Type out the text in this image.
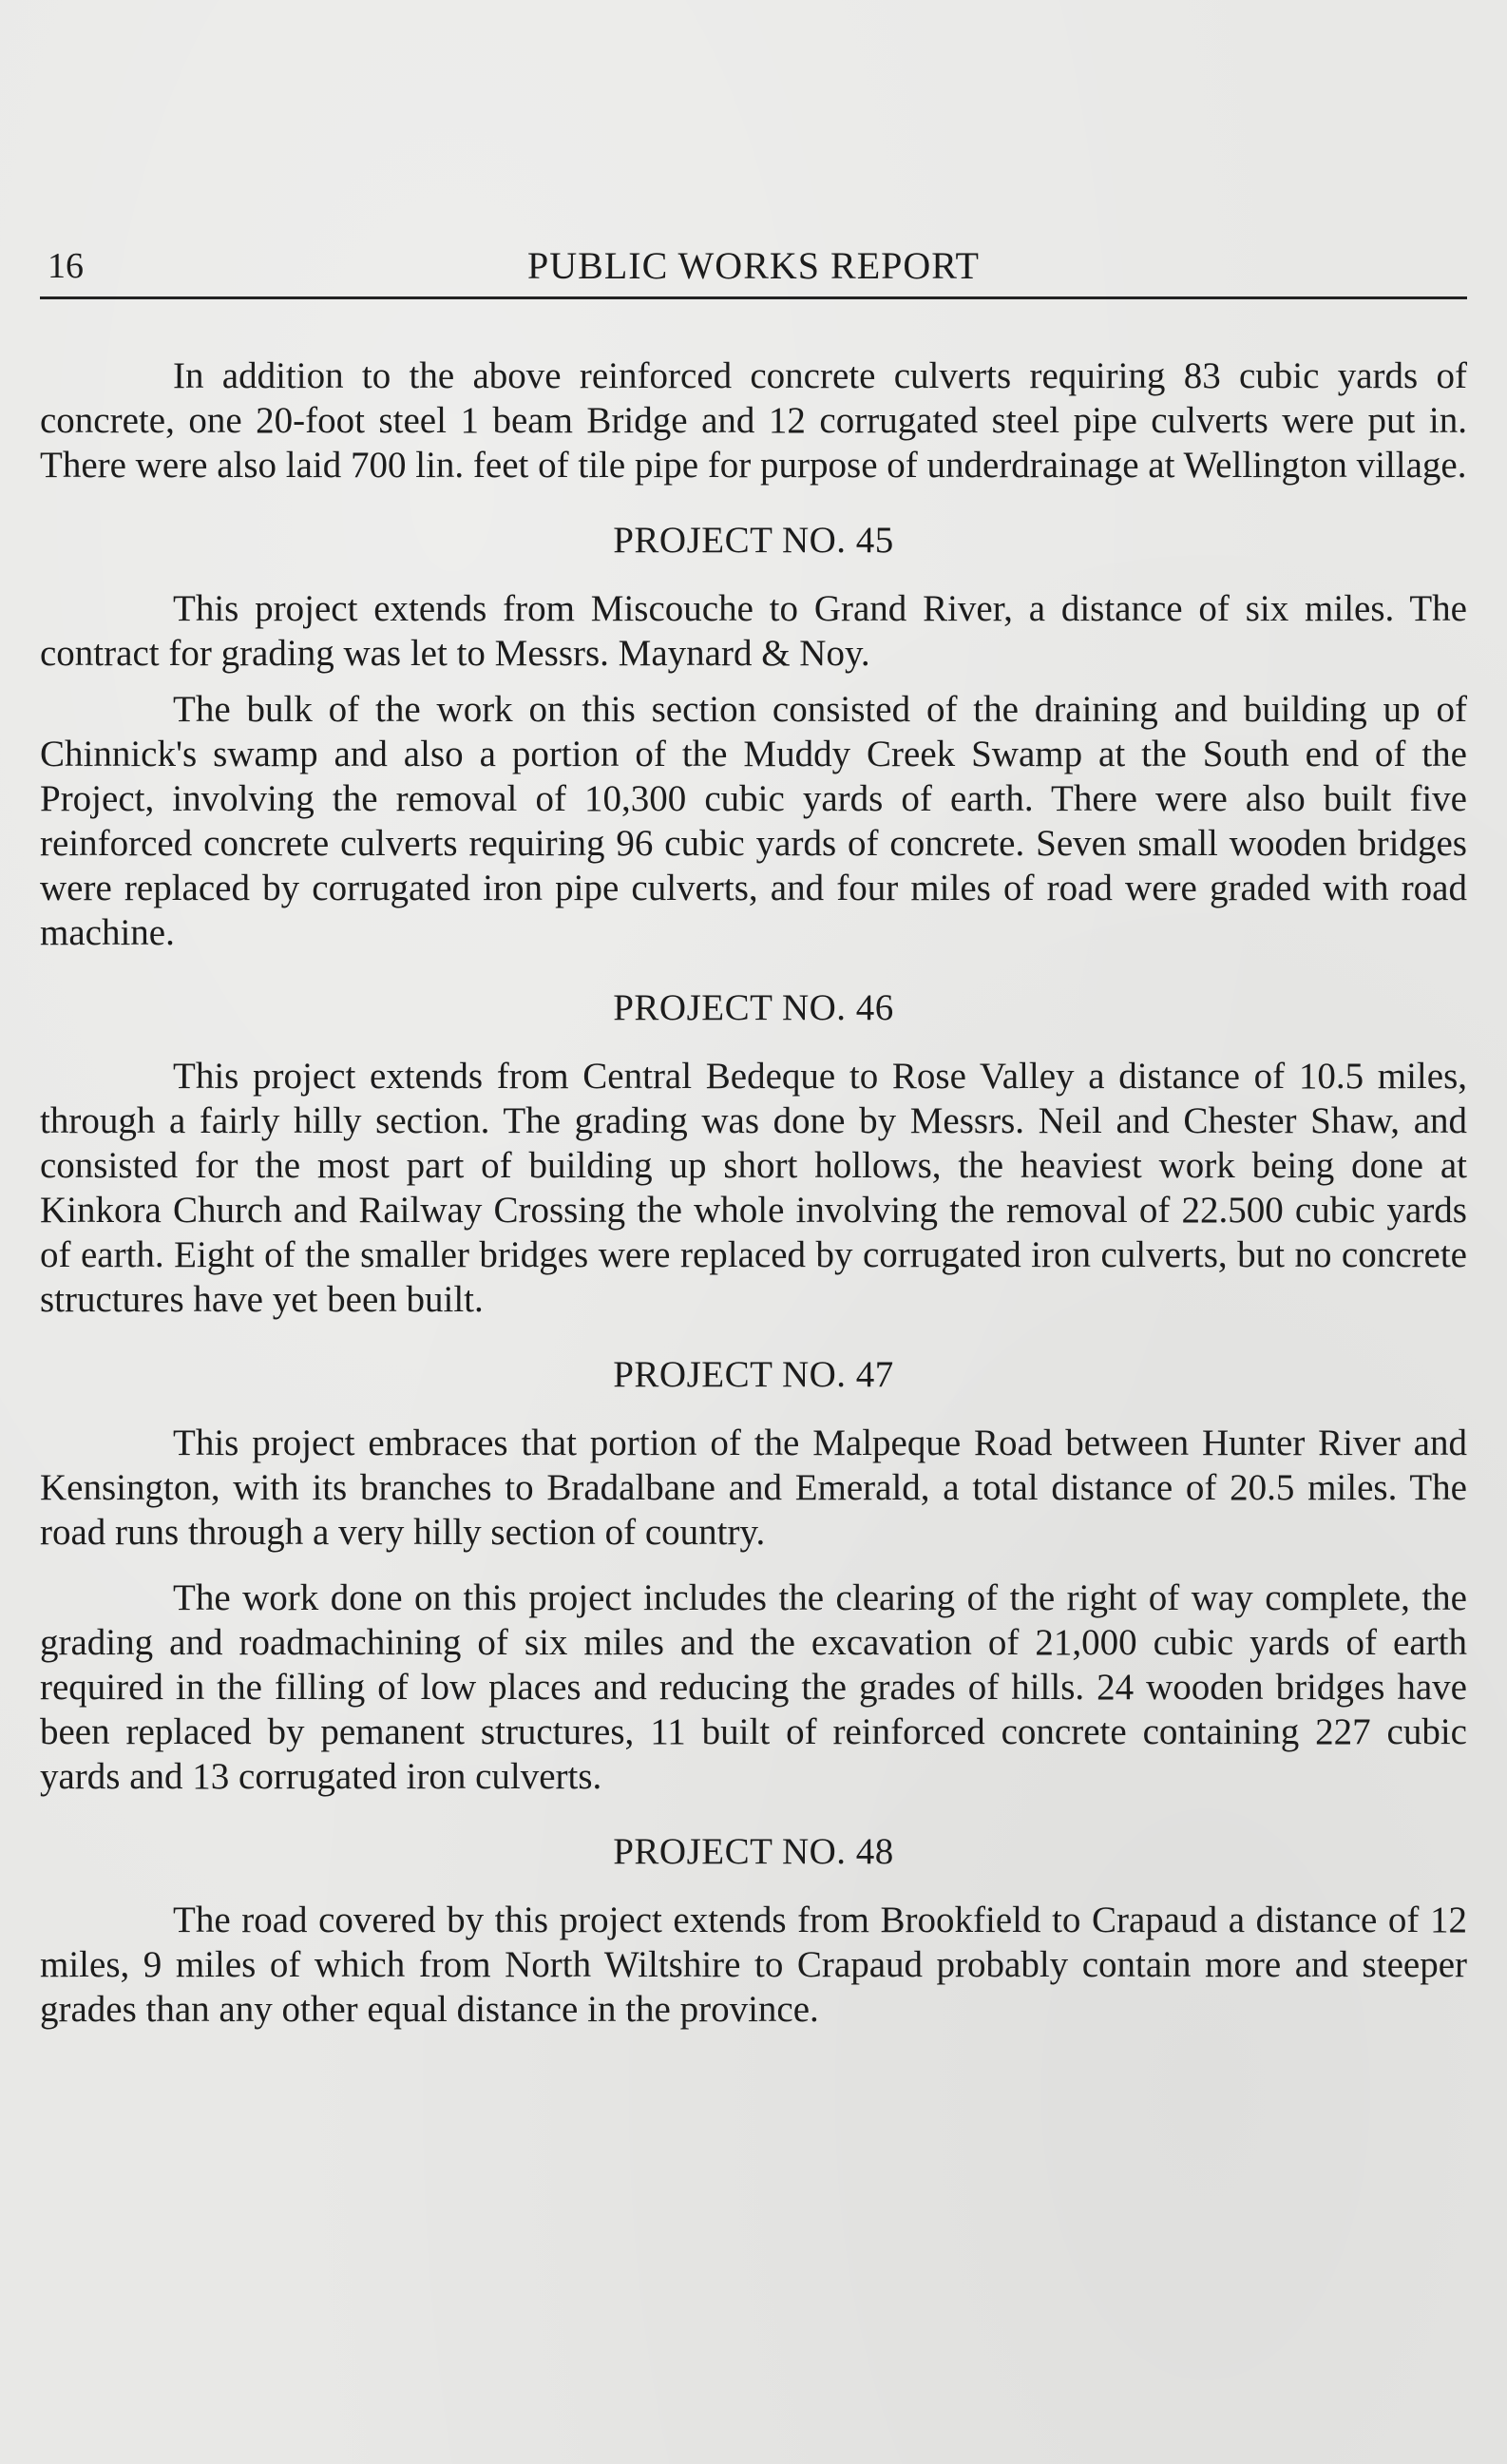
16	PUBLIC WORKS REPORT

In addition to the above reinforced concrete culverts requiring 83 cubic yards of concrete, one 20-foot steel 1 beam Bridge and 12 corrugated steel pipe culverts were put in. There were also laid 700 lin. feet of tile pipe for purpose of underdrainage at Wellington village.

PROJECT NO. 45

This project extends from Miscouche to Grand River, a distance of six miles. The contract for grading was let to Messrs. Maynard & Noy.

The bulk of the work on this section consisted of the draining and building up of Chinnick's swamp and also a portion of the Muddy Creek Swamp at the South end of the Project, involving the removal of 10,300 cubic yards of earth. There were also built five reinforced concrete culverts requiring 96 cubic yards of concrete. Seven small wooden bridges were replaced by corrugated iron pipe culverts, and four miles of road were graded with road machine.

PROJECT NO. 46

This project extends from Central Bedeque to Rose Valley a distance of 10.5 miles, through a fairly hilly section. The grading was done by Messrs. Neil and Chester Shaw, and consisted for the most part of building up short hollows, the heaviest work being done at Kinkora Church and Railway Crossing the whole involving the removal of 22.500 cubic yards of earth. Eight of the smaller bridges were replaced by corrugated iron culverts, but no concrete structures have yet been built.

PROJECT NO. 47

This project embraces that portion of the Malpeque Road between Hunter River and Kensington, with its branches to Bradalbane and Emerald, a total distance of 20.5 miles. The road runs through a very hilly section of country.

The work done on this project includes the clearing of the right of way complete, the grading and roadmachining of six miles and the excavation of 21,000 cubic yards of earth required in the filling of low places and reducing the grades of hills. 24 wooden bridges have been replaced by pemanent structures, 11 built of reinforced concrete containing 227 cubic yards and 13 corrugated iron culverts.

PROJECT NO. 48

The road covered by this project extends from Brookfield to Crapaud a distance of 12 miles, 9 miles of which from North Wiltshire to Crapaud probably contain more and steeper grades than any other equal distance in the province.
